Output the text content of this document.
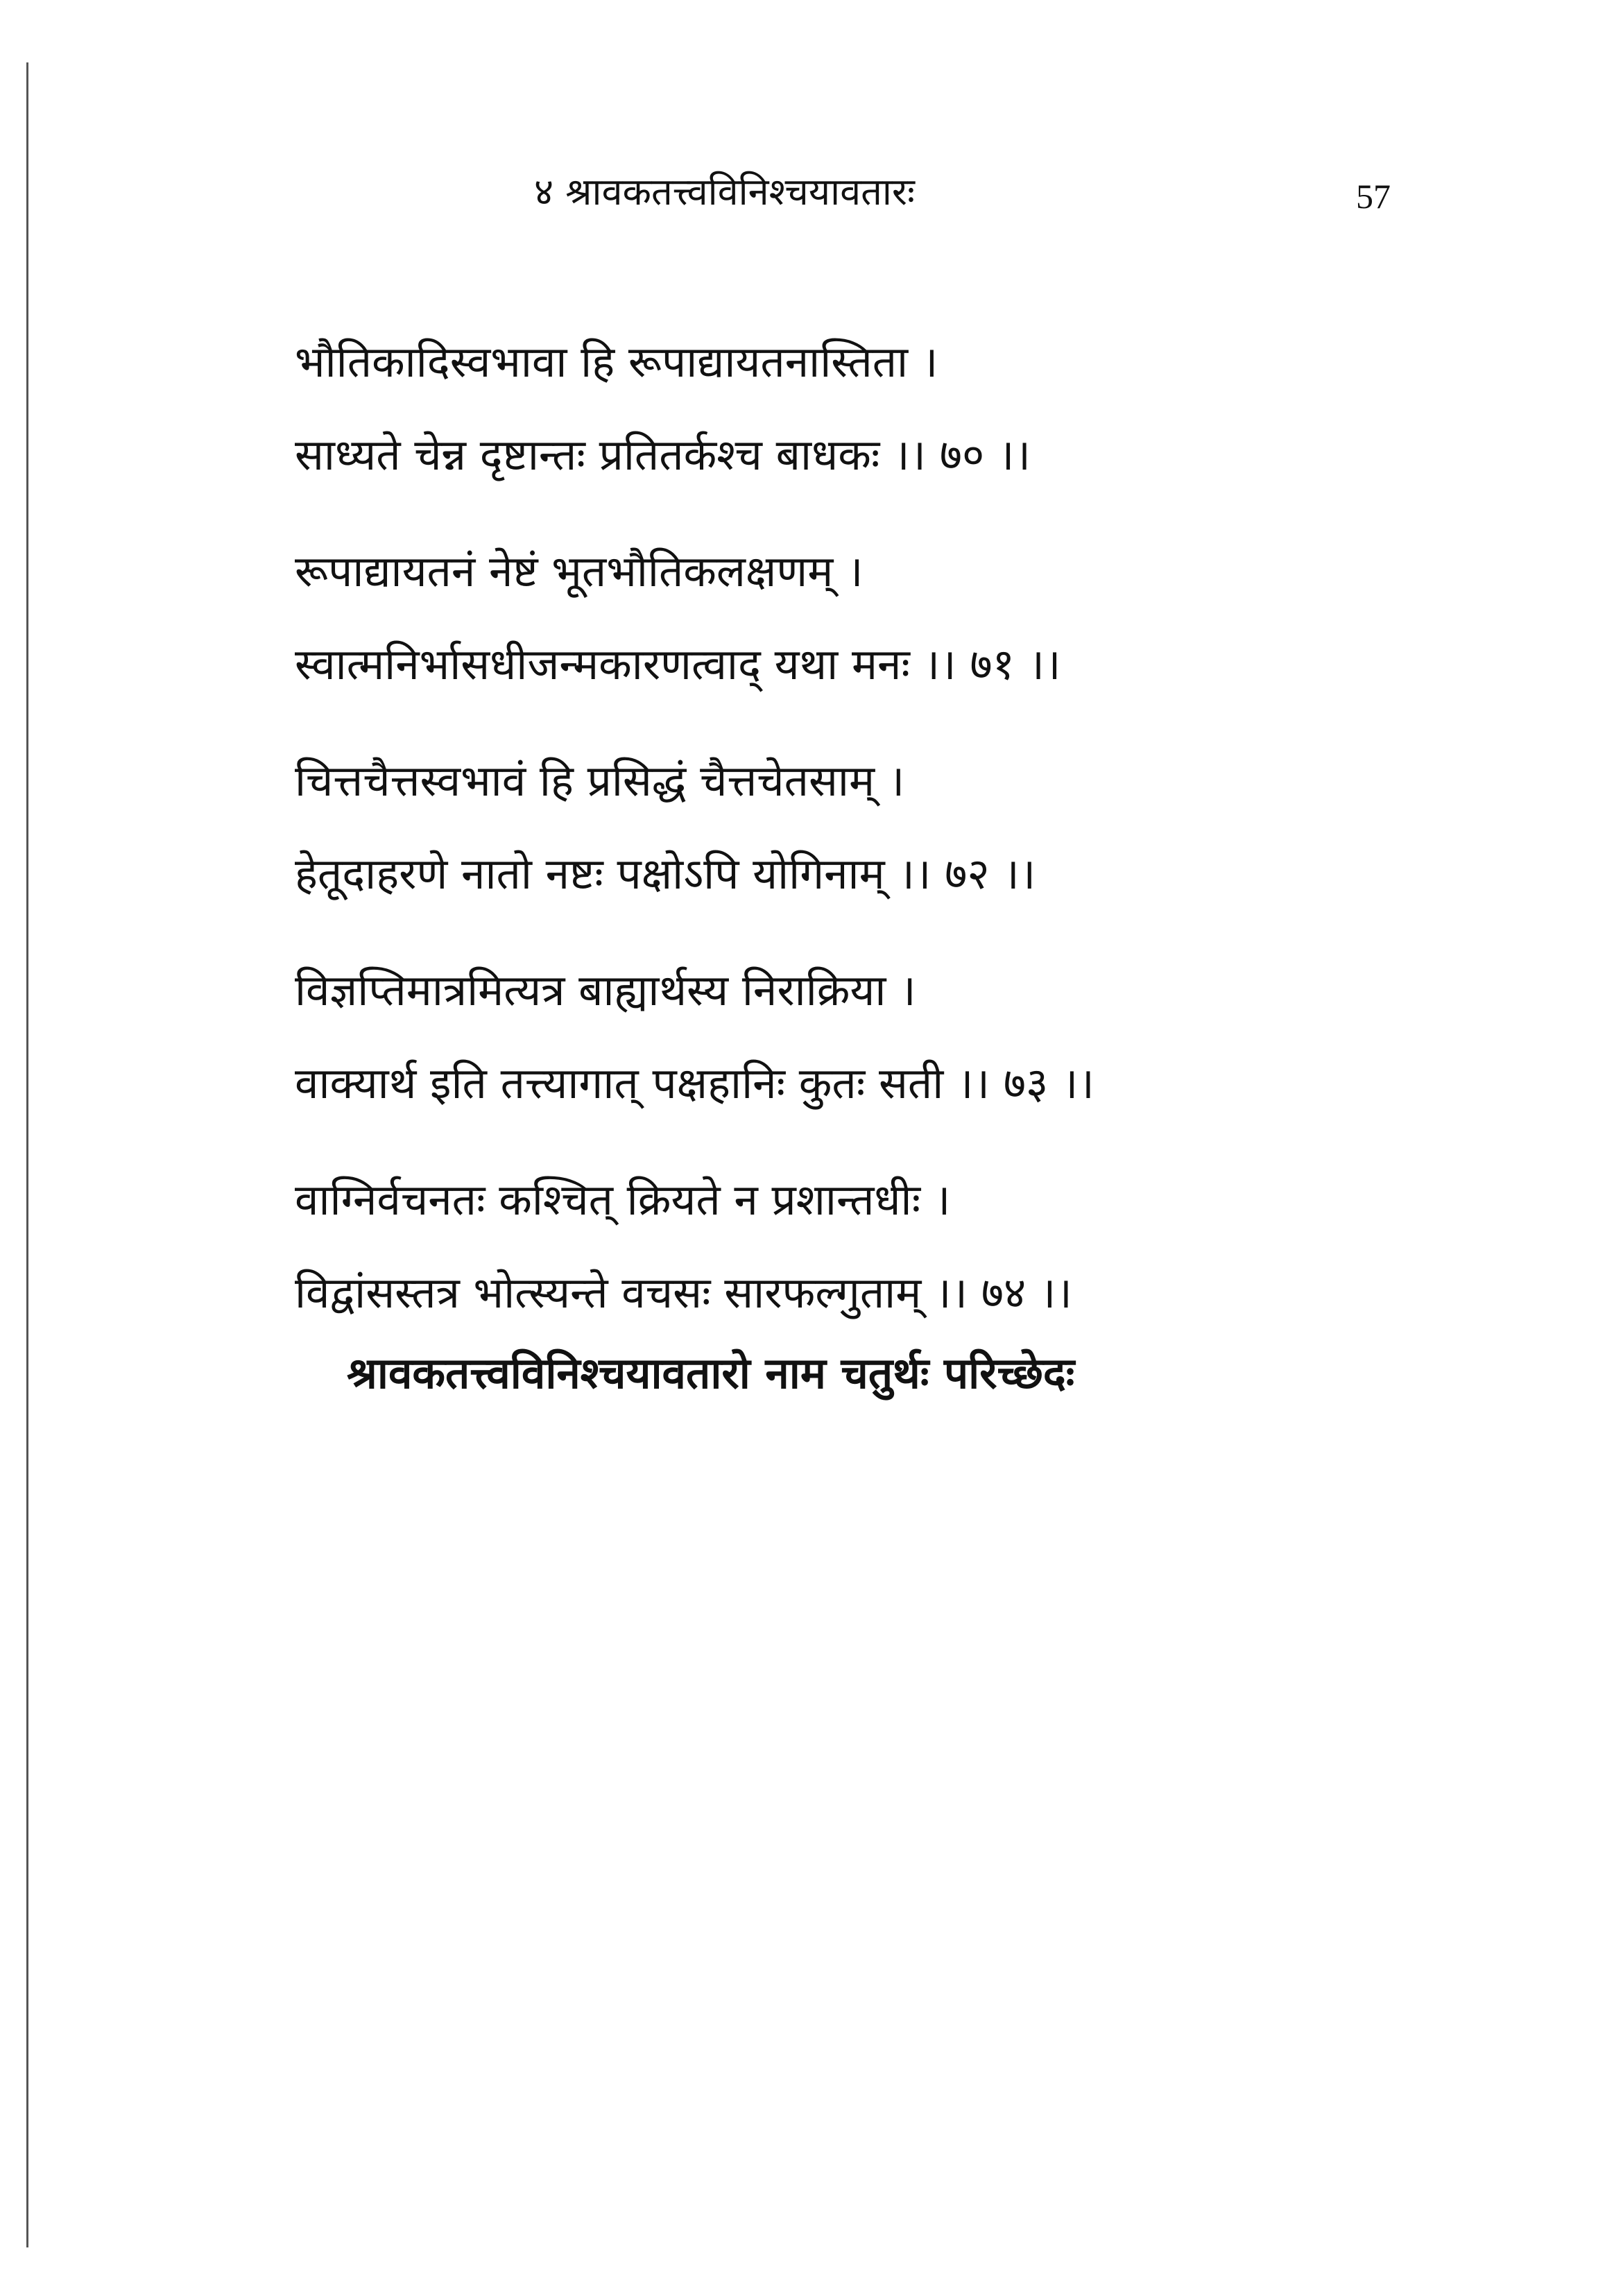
४ श्रावकतत्त्वविनिश्चयावतारः	57
भौतिकादिस्वभावा हि रूपाद्यायतनास्तिता ।
साध्यते चेन्न दृष्टान्तः प्रतितर्कश्च बाधकः ।। ७० ।।
रूपाद्यायतनं नेष्टं भूतभौतिकलक्षणम् ।
स्वात्मनिर्भासधीजन्मकारणत्वाद् यथा मनः ।। ७१ ।।
चित्तचैत्तस्वभावं हि प्रसिद्धं चैत्तचेतसाम् ।
हेतूदाहरणे नातो नष्टः पक्षोऽपि योगिनाम् ।। ७२ ।।
विज्ञप्तिमात्रमित्यत्र बाह्यार्थस्य निराक्रिया ।
वाक्यार्थ इति तत्त्यागात् पक्षहानिः कुतः सती ।। ७३ ।।
वाग्निर्वचनतः कश्चित् क्रियते न प्रशान्तधीः ।
विद्वांसस्तत्र भोत्स्यन्ते वचसः सारफल्गुताम् ।। ७४ ।।
श्रावकतत्त्वविनिश्चयावतारो नाम चतुर्थः परिच्छेदः
